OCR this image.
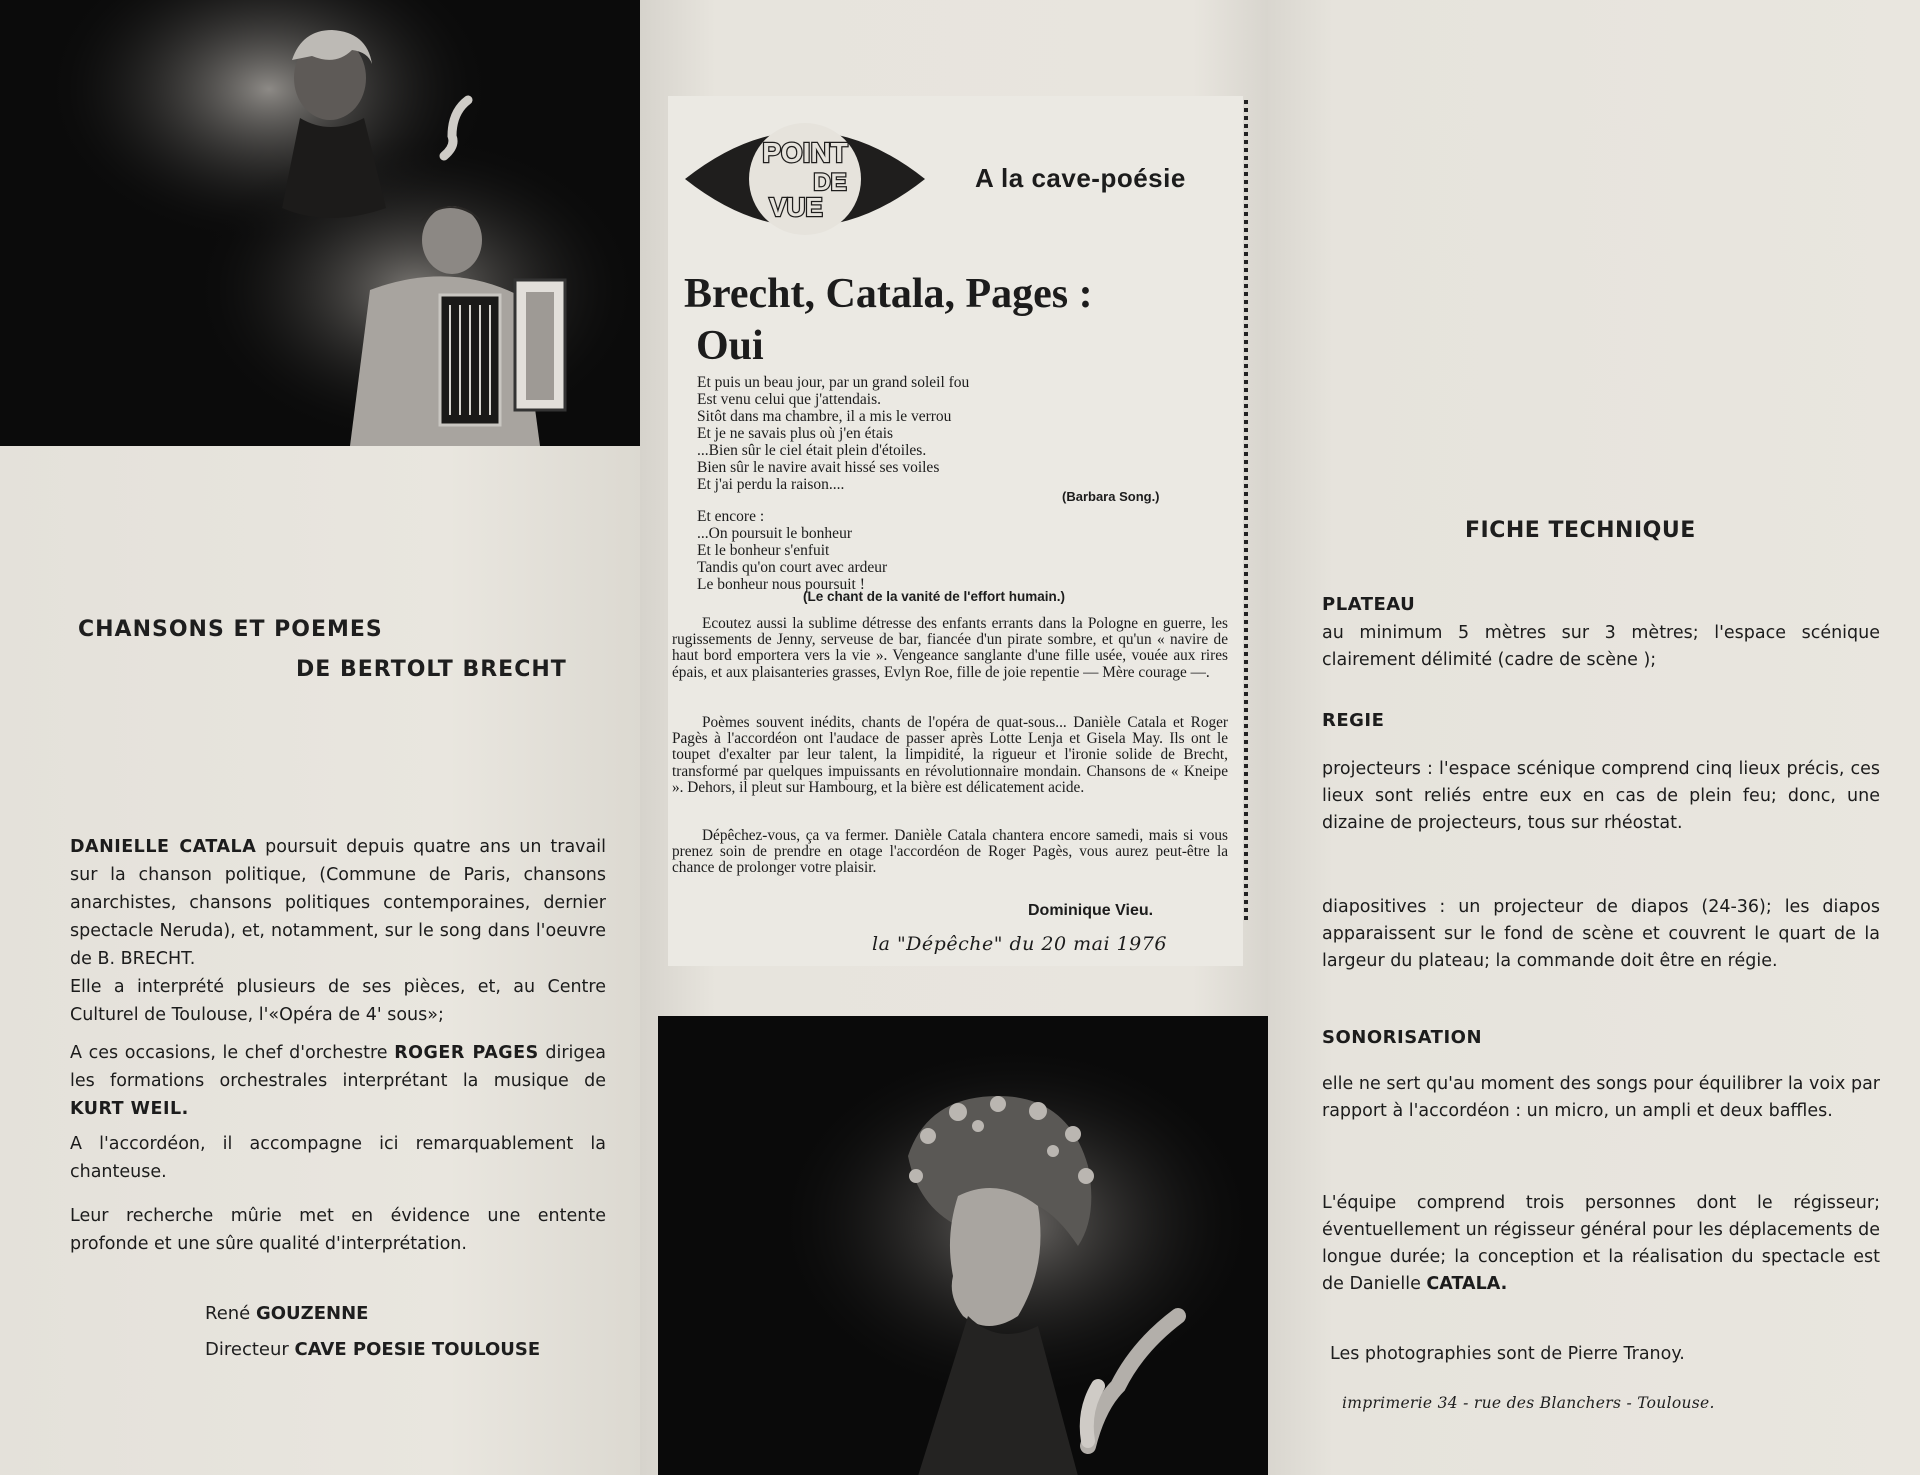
CHANSONS ET POEMES
DE BERTOLT BRECHT
DANIELLE CATALA poursuit depuis quatre ans un travail sur la chanson politique, (Commune de Paris, chansons anarchistes, chansons politiques contemporaines, dernier spectacle Neruda), et, notamment, sur le song dans l'oeuvre de B. BRECHT.
Elle a interprété plusieurs de ses pièces, et, au Centre Culturel de Toulouse, l'«Opéra de 4' sous»;
A ces occasions, le chef d'orchestre ROGER PAGES dirigea les formations orchestrales interprétant la musique de KURT WEIL.
A l'accordéon, il accompagne ici remarquablement la chanteuse.
Leur recherche mûrie met en évidence une entente profonde et une sûre qualité d'interprétation.
René GOUZENNE
Directeur CAVE POESIE TOULOUSE
POINT
DE
VUE
A la cave-poésie
Brecht, Catala, Pages :
Oui
Et puis un beau jour, par un grand soleil fou
Est venu celui que j'attendais.
Sitôt dans ma chambre, il a mis le verrou
Et je ne savais plus où j'en étais
...Bien sûr le ciel était plein d'étoiles.
Bien sûr le navire avait hissé ses voiles
Et j'ai perdu la raison....
(Barbara Song.)
Et encore :
...On poursuit le bonheur
Et le bonheur s'enfuit
Tandis qu'on court avec ardeur
Le bonheur nous poursuit !
(Le chant de la vanité de l'effort humain.)
Ecoutez aussi la sublime détresse des enfants errants dans la Pologne en guerre, les rugissements de Jenny, serveuse de bar, fiancée d'un pirate sombre, et qu'un « navire de haut bord emportera vers la vie ». Vengeance sanglante d'une fille usée, vouée aux rires épais, et aux plaisanteries grasses, Evlyn Roe, fille de joie repentie — Mère courage —.
Poèmes souvent inédits, chants de l'opéra de quat-sous... Danièle Catala et Roger Pagès à l'accordéon ont l'audace de passer après Lotte Lenja et Gisela May. Ils ont le toupet d'exalter par leur talent, la limpidité, la rigueur et l'ironie solide de Brecht, transformé par quelques impuissants en révolutionnaire mondain. Chansons de « Kneipe ». Dehors, il pleut sur Hambourg, et la bière est délicatement acide.
Dépêchez-vous, ça va fermer. Danièle Catala chantera encore samedi, mais si vous prenez soin de prendre en otage l'accordéon de Roger Pagès, vous aurez peut-être la chance de prolonger votre plaisir.
Dominique Vieu.
la "Dépêche" du 20 mai 1976
FICHE TECHNIQUE
PLATEAU
au minimum 5 mètres sur 3 mètres; l'espace scénique clairement délimité (cadre de scène );
REGIE
projecteurs : l'espace scénique comprend cinq lieux précis, ces lieux sont reliés entre eux en cas de plein feu; donc, une dizaine de projecteurs, tous sur rhéostat.
diapositives : un projecteur de diapos (24-36); les diapos apparaissent sur le fond de scène et couvrent le quart de la largeur du plateau; la commande doit être en régie.
SONORISATION
elle ne sert qu'au moment des songs pour équilibrer la voix par rapport à l'accordéon : un micro, un ampli et deux baffles.
L'équipe comprend trois personnes dont le régisseur; éventuellement un régisseur général pour les déplacements de longue durée; la conception et la réalisation du spectacle est de Danielle CATALA.
Les photographies sont de Pierre Tranoy.
imprimerie 34 - rue des Blanchers - Toulouse.
